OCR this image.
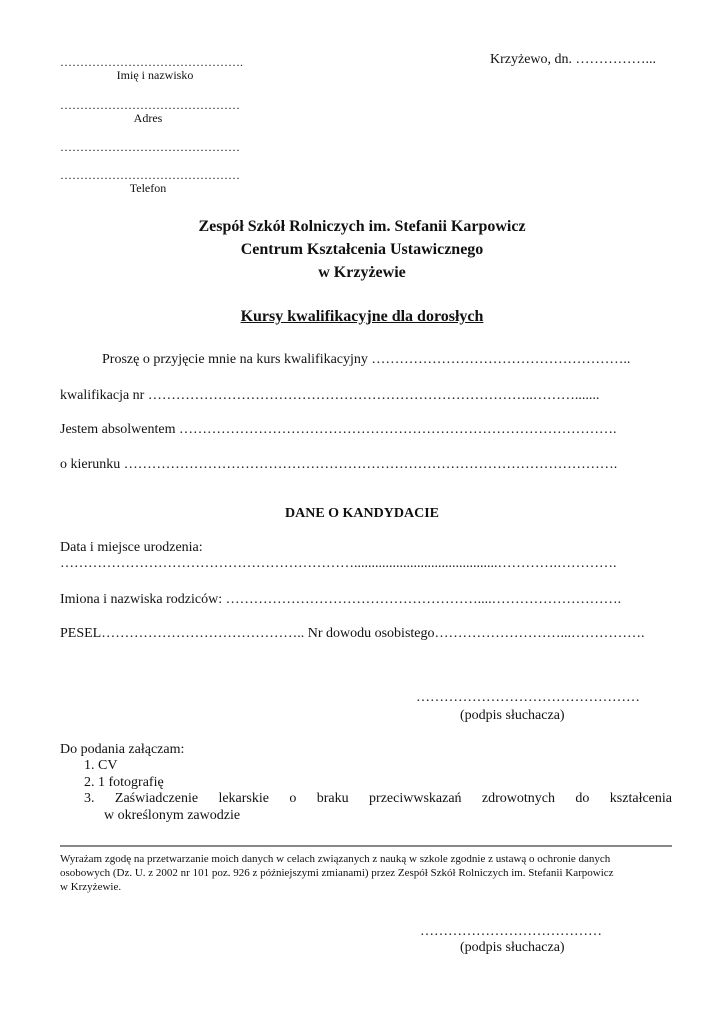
……………………………………….
Imię i nazwisko
Krzyżewo, dn. ……………...
………………………………………
Adres
………………………………………
………………………………………
Telefon
Zespół Szkół Rolniczych im. Stefanii Karpowicz
Centrum Kształcenia Ustawicznego
w Krzyżewie
Kursy kwalifikacyjne dla dorosłych
Proszę o przyjęcie mnie na kurs kwalifikacyjny ………………………………………………..
kwalifikacja nr ………………………………………………………………………..……….......
Jestem absolwentem ………………………………………………………………………………….
o kierunku …………………………………………………………………………………………….
DANE O KANDYDACIE
Data i miejsce urodzenia:
……………………………………………………….........................................………….………….
Imiona i nazwiska rodziców: ………………………………………………....……………………….
PESEL…………………………………….. Nr dowodu osobistego………………………...…………….
…………………………………………
(podpis słuchacza)
Do podania załączam:
1. CV
2. 1 fotografię
3.  Zaświadczenie  lekarskie  o  braku  przeciwwskazań  zdrowotnych  do  kształcenia
w określonym zawodzie
Wyrażam zgodę na przetwarzanie moich danych w celach związanych z nauką w szkole zgodnie z ustawą o ochronie danych
osobowych (Dz. U. z 2002 nr 101 poz. 926 z późniejszymi zmianami) przez Zespół Szkół Rolniczych im. Stefanii Karpowicz
w Krzyżewie.
…………………………………
(podpis słuchacza)
